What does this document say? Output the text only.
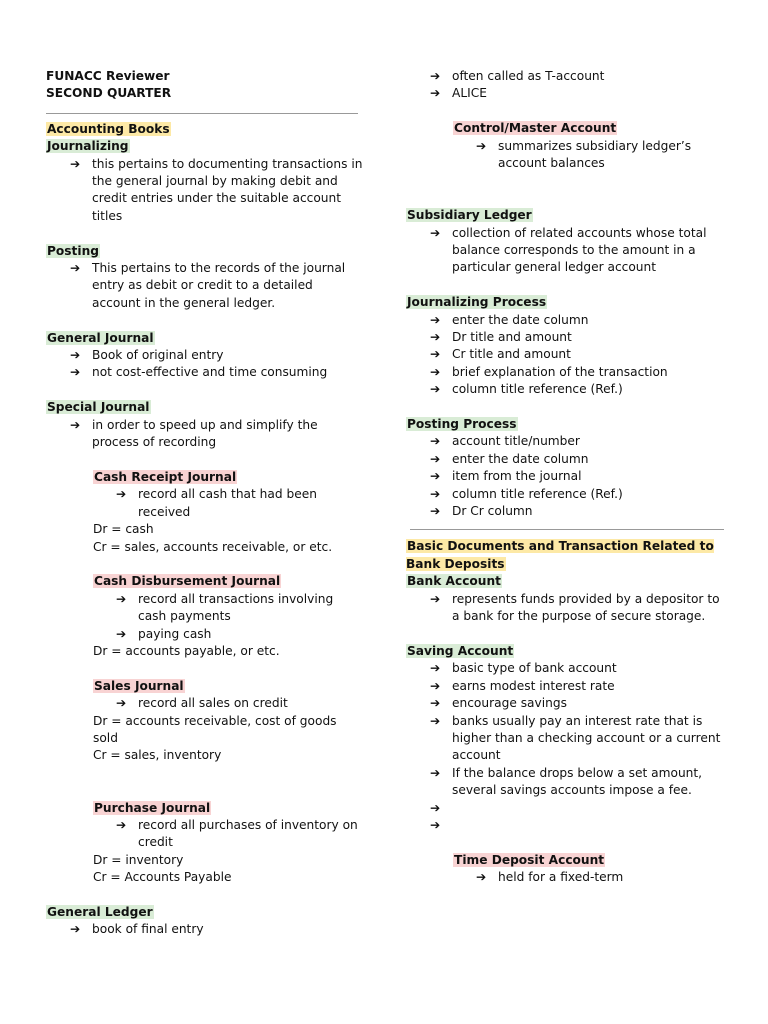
FUNACC Reviewer
SECOND QUARTER
Accounting Books
Journalizing
➔ this pertains to documenting transactions in the general journal by making debit and credit entries under the suitable account titles
Posting
➔ This pertains to the records of the journal entry as debit or credit to a detailed account in the general ledger.
General Journal
➔ Book of original entry
➔ not cost-effective and time consuming
Special Journal
➔ in order to speed up and simplify the process of recording
Cash Receipt Journal
➔ record all cash that had been received
Dr = cash
Cr = sales, accounts receivable, or etc.
Cash Disbursement Journal
➔ record all transactions involving cash payments
➔ paying cash
Dr = accounts payable, or etc.
Sales Journal
➔ record all sales on credit
Dr = accounts receivable, cost of goods sold
Cr = sales, inventory
Purchase Journal
➔ record all purchases of inventory on credit
Dr = inventory
Cr = Accounts Payable
General Ledger
➔ book of final entry
➔ often called as T-account
➔ ALICE
Control/Master Account
➔ summarizes subsidiary ledger’s account balances
Subsidiary Ledger
➔ collection of related accounts whose total balance corresponds to the amount in a particular general ledger account
Journalizing Process
➔ enter the date column
➔ Dr title and amount
➔ Cr title and amount
➔ brief explanation of the transaction
➔ column title reference (Ref.)
Posting Process
➔ account title/number
➔ enter the date column
➔ item from the journal
➔ column title reference (Ref.)
➔ Dr Cr column
Basic Documents and Transaction Related to Bank Deposits
Bank Account
➔ represents funds provided by a depositor to a bank for the purpose of secure storage.
Saving Account
➔ basic type of bank account
➔ earns modest interest rate
➔ encourage savings
➔ banks usually pay an interest rate that is higher than a checking account or a current account
➔ If the balance drops below a set amount, several savings accounts impose a fee.
➔
➔
Time Deposit Account
➔ held for a fixed-term
